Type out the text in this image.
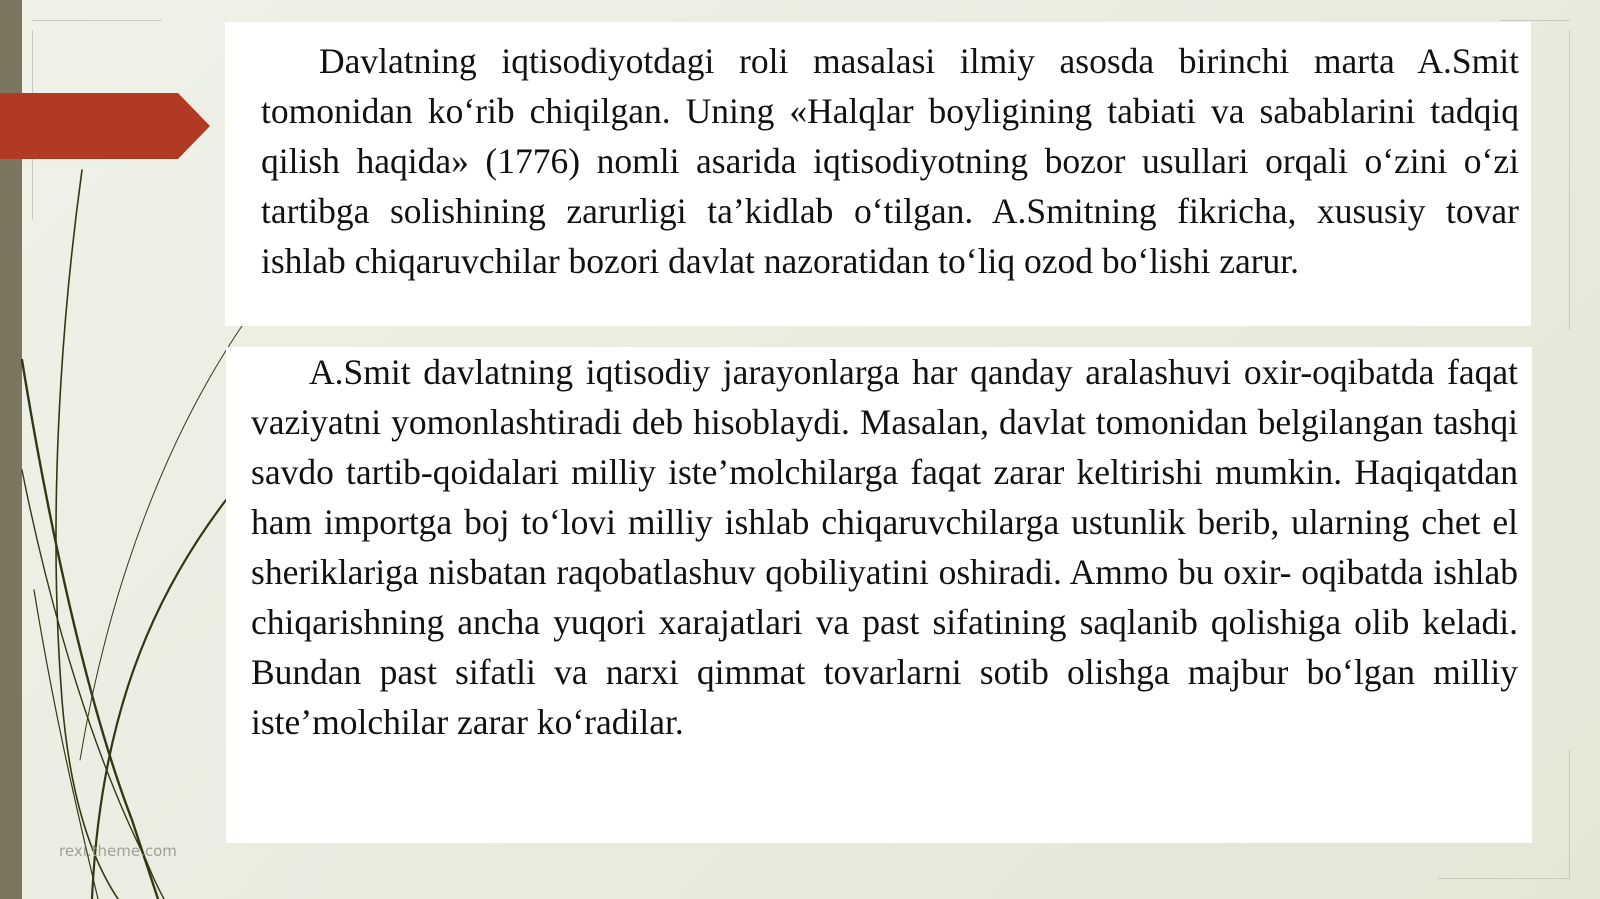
Davlatning iqtisodiyotdagi roli masalasi ilmiy asosda birinchi marta A.Smit tomonidan ko‘rib chiqilgan. Uning «Halqlar boyligining tabiati va sabablarini tadqiq qilish haqida» (1776) nomli asarida iqtisodiyotning bozor usullari orqali o‘zini o‘zi tartibga solishining zarurligi ta’kidlab o‘tilgan. A.Smitning fikricha, xususiy tovar ishlab chiqaruvchilar bozori davlat nazoratidan to‘liq ozod bo‘lishi zarur.

A.Smit davlatning iqtisodiy jarayonlarga har qanday aralashuvi oxir-oqibatda faqat vaziyatni yomonlashtiradi deb hisoblaydi. Masalan, davlat tomonidan belgilangan tashqi savdo tartib-qoidalari milliy iste’molchilarga faqat zarar keltirishi mumkin. Haqiqatdan ham importga boj to‘lovi milliy ishlab chiqaruvchilarga ustunlik berib, ularning chet el sheriklariga nisbatan raqobatlashuv qobiliyatini oshiradi. Ammo bu oxir- oqibatda ishlab chiqarishning ancha yuqori xarajatlari va past sifatining saqlanib qolishiga olib keladi. Bundan past sifatli va narxi qimmat tovarlarni sotib olishga majbur bo‘lgan milliy iste’molchilar zarar ko‘radilar.

rexi.theme.com
